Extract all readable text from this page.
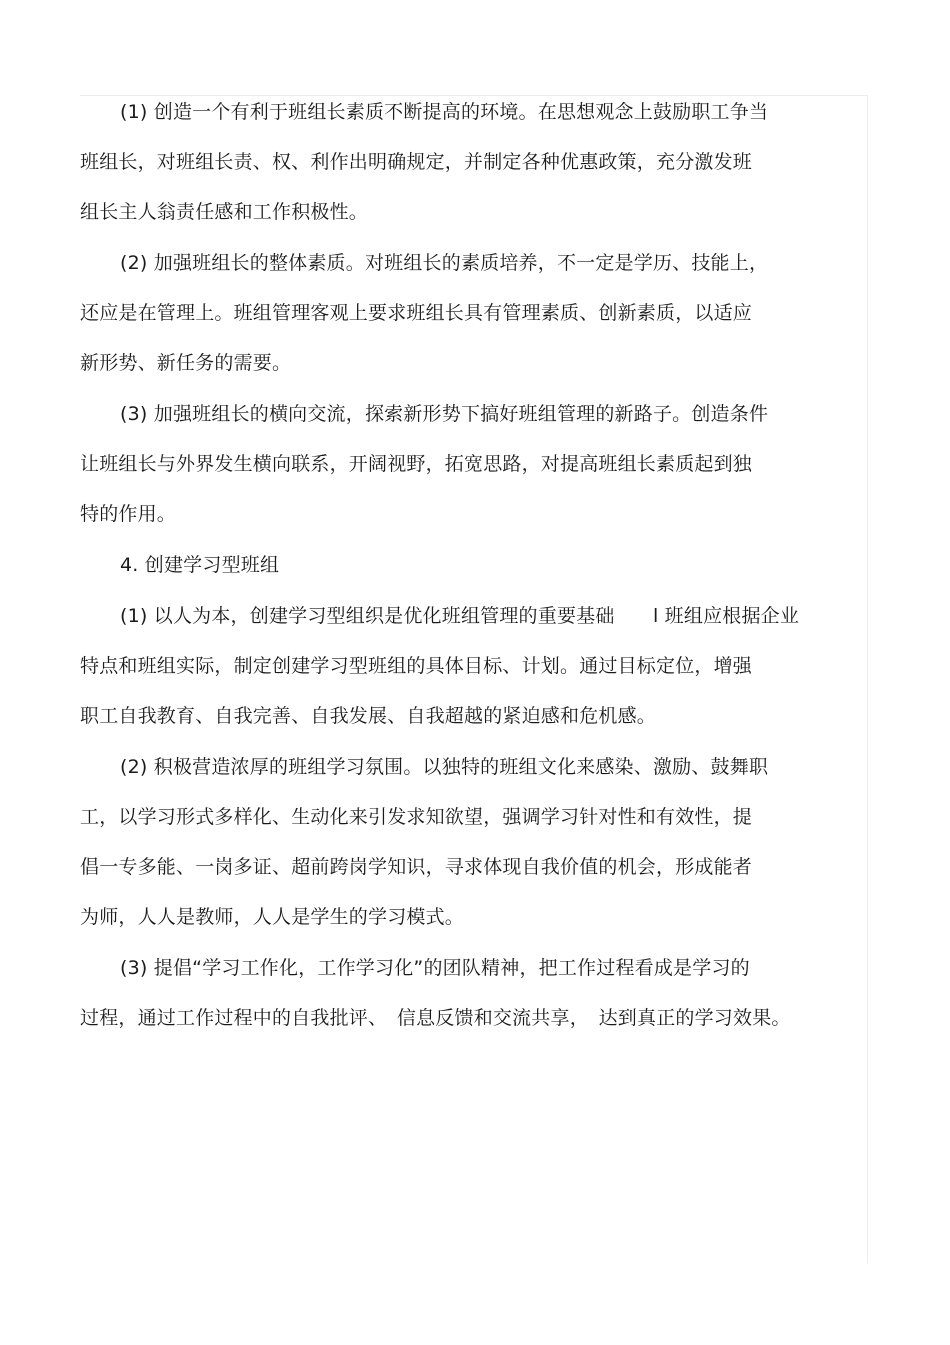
(1) 创造一个有利于班组长素质不断提高的环境。在思想观念上鼓励职工争当
班组长，对班组长责、权、利作出明确规定，并制定各种优惠政策，充分激发班
组长主人翁责任感和工作积极性。
(2) 加强班组长的整体素质。对班组长的素质培养，不一定是学历、技能上，
还应是在管理上。班组管理客观上要求班组长具有管理素质、创新素质，以适应
新形势、新任务的需要。
(3) 加强班组长的横向交流，探索新形势下搞好班组管理的新路子。创造条件
让班组长与外界发生横向联系，开阔视野，拓宽思路，对提高班组长素质起到独
特的作用。
4. 创建学习型班组
(1) 以人为本，创建学习型组织是优化班组管理的重要基础　　l 班组应根据企业
特点和班组实际，制定创建学习型班组的具体目标、计划。通过目标定位，增强
职工自我教育、自我完善、自我发展、自我超越的紧迫感和危机感。
(2) 积极营造浓厚的班组学习氛围。以独特的班组文化来感染、激励、鼓舞职
工，以学习形式多样化、生动化来引发求知欲望，强调学习针对性和有效性，提
倡一专多能、一岗多证、超前跨岗学知识，寻求体现自我价值的机会，形成能者
为师，人人是教师，人人是学生的学习模式。
(3) 提倡“学习工作化，工作学习化”的团队精神，把工作过程看成是学习的
过程，通过工作过程中的自我批评、　信息反馈和交流共享，　达到真正的学习效果。
